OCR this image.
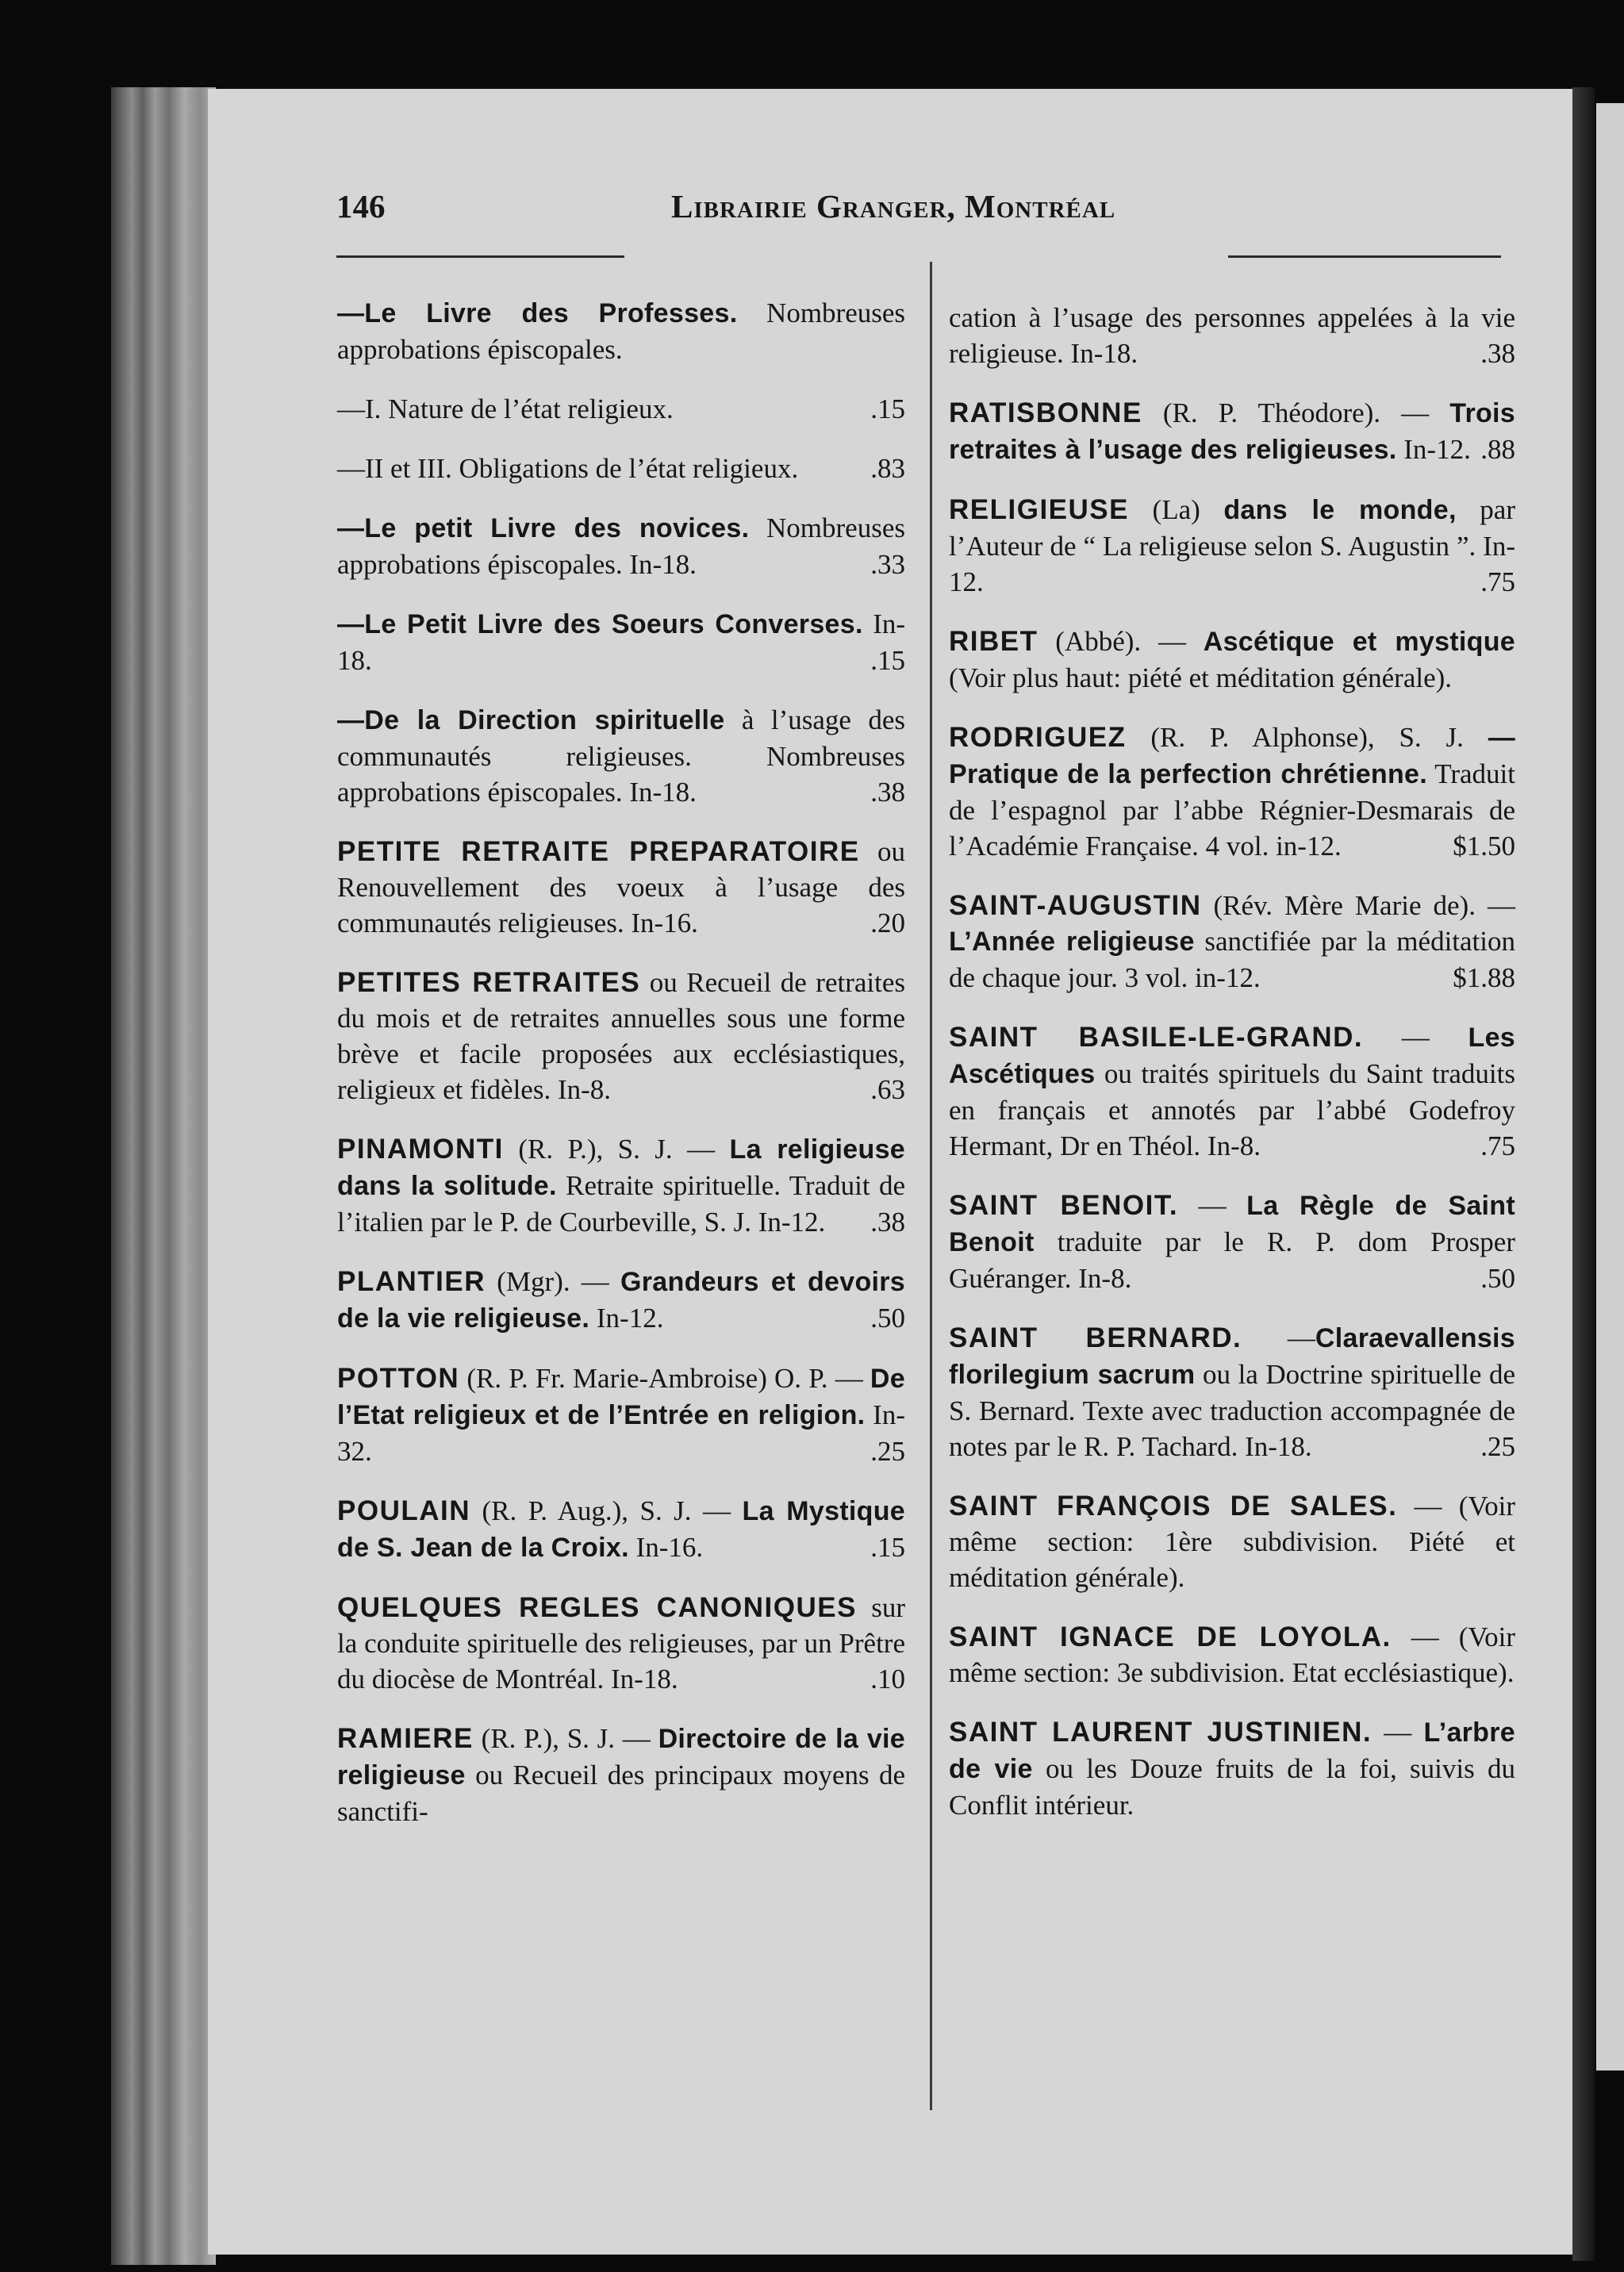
146	Librairie Granger, Montréal
—Le Livre des Professes. Nombreuses approbations épiscopales.
—I. Nature de l’état religieux.	.15
—II et III. Obligations de l’état religieux.	.83
—Le petit Livre des novices. Nombreuses approbations épiscopales. In-18.	.33
—Le Petit Livre des Soeurs Converses. In-18.	.15
—De la Direction spirituelle à l’usage des communautés religieuses. Nombreuses approbations épiscopales. In-18.	.38
PETITE RETRAITE PREPARATOIRE ou Renouvellement des voeux à l’usage des communautés religieuses. In-16.	.20
PETITES RETRAITES ou Recueil de retraites du mois et de retraites annuelles sous une forme brève et facile proposées aux ecclésiastiques, religieux et fidèles. In-8.	.63
PINAMONTI (R. P.), S. J. — La religieuse dans la solitude. Retraite spirituelle. Traduit de l’italien par le P. de Courbeville, S. J. In-12. .38
PLANTIER (Mgr). — Grandeurs et devoirs de la vie religieuse. In-12.	.50
POTTON (R. P. Fr. Marie-Ambroise) O. P. — De l’Etat religieux et de l’Entrée en religion. In-32.	.25
POULAIN (R. P. Aug.), S. J. — La Mystique de S. Jean de la Croix. In-16.	.15
QUELQUES REGLES CANONIQUES sur la conduite spirituelle des religieuses, par un Prêtre du diocèse de Montréal. In-18.	.10
RAMIERE (R. P.), S. J. — Directoire de la vie religieuse ou Recueil des principaux moyens de sanctifi-
cation à l’usage des personnes appelées à la vie religieuse. In-18.	.38
RATISBONNE (R. P. Théodore). — Trois retraites à l’usage des religieuses. In-12. .88
RELIGIEUSE (La) dans le monde, par l’Auteur de “ La religieuse selon S. Augustin ”. In-12.	.75
RIBET (Abbé). — Ascétique et mystique (Voir plus haut: piété et méditation générale).
RODRIGUEZ (R. P. Alphonse), S. J. —Pratique de la perfection chrétienne. Traduit de l’espagnol par l’abbe Régnier-Desmarais de l’Académie Française. 4 vol. in-12.	$1.50
SAINT-AUGUSTIN (Rév. Mère Marie de). — L’Année religieuse sanctifiée par la méditation de chaque jour. 3 vol. in-12.	$1.88
SAINT BASILE-LE-GRAND. — Les Ascétiques ou traités spirituels du Saint traduits en français et annotés par l’abbé Godefroy Hermant, Dr en Théol. In-8.	.75
SAINT BENOIT. — La Règle de Saint Benoit traduite par le R. P. dom Prosper Guéranger. In-8.	.50
SAINT BERNARD. —Claraevallensis florilegium sacrum ou la Doctrine spirituelle de S. Bernard. Texte avec traduction accompagnée de notes par le R. P. Tachard. In-18.	.25
SAINT FRANÇOIS DE SALES. — (Voir même section: 1ère subdivision. Piété et méditation générale).
SAINT IGNACE DE LOYOLA. — (Voir même section: 3e subdivision. Etat ecclésiastique).
SAINT LAURENT JUSTINIEN. — L’arbre de vie ou les Douze fruits de la foi, suivis du Conflit intérieur.
